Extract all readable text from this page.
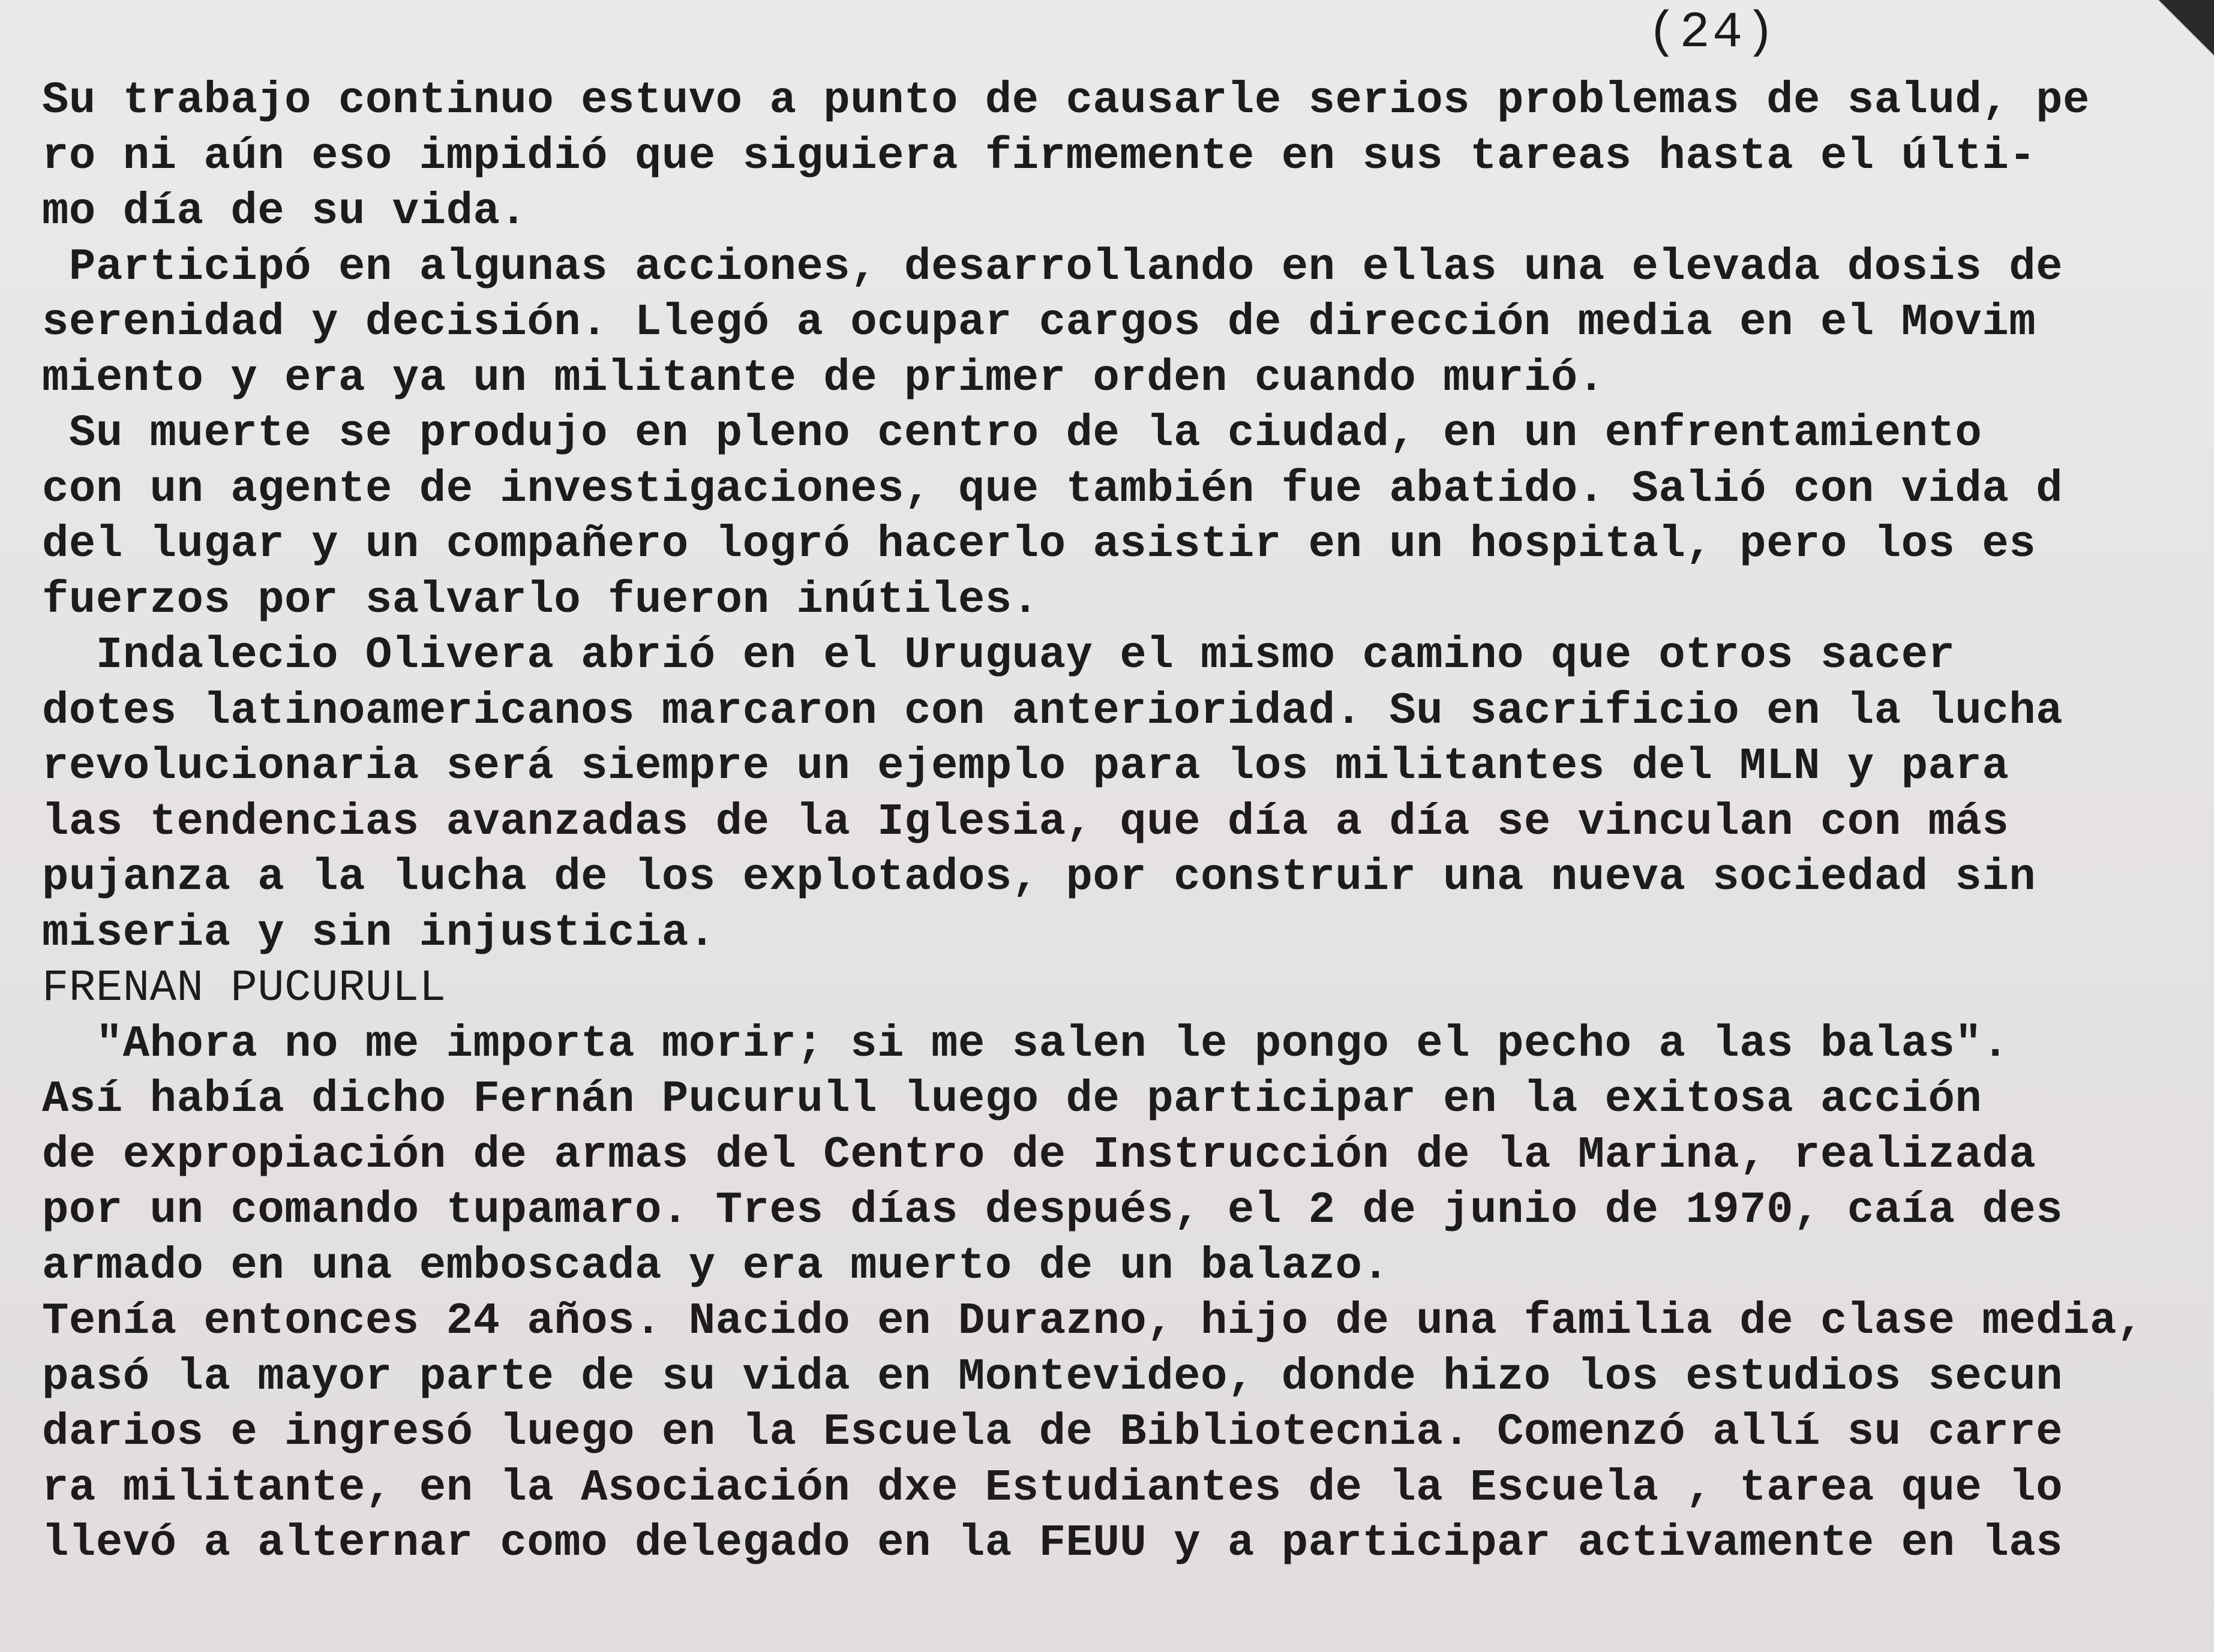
(24)
Su trabajo continuo estuvo a punto de causarle serios problemas de salud, pe
ro ni aún eso impidió que siguiera firmemente en sus tareas hasta el últi-
mo día de su vida.
Participó en algunas acciones, desarrollando en ellas una elevada dosis de
serenidad y decisión. Llegó a ocupar cargos de dirección media en el Movim
miento y era ya un militante de primer orden cuando murió.
Su muerte se produjo en pleno centro de la ciudad, en un enfrentamiento
con un agente de investigaciones, que también fue abatido. Salió con vida d
del lugar y un compañero logró hacerlo asistir en un hospital, pero los es
fuerzos por salvarlo fueron inútiles.
Indalecio Olivera abrió en el Uruguay el mismo camino que otros sacer
dotes latinoamericanos marcaron con anterioridad. Su sacrificio en la lucha
revolucionaria será siempre un ejemplo para los militantes del MLN y para
las tendencias avanzadas de la Iglesia, que día a día se vinculan con más
pujanza a la lucha de los explotados, por construir una nueva sociedad sin
miseria y sin injusticia.
FRENAN PUCURULL
"Ahora no me importa morir; si me salen le pongo el pecho a las balas".
Así había dicho Fernán Pucurull luego de participar en la exitosa acción
de expropiación de armas del Centro de Instrucción de la Marina, realizada
por un comando tupamaro. Tres días después, el 2 de junio de 1970, caía des
armado en una emboscada y era muerto de un balazo.
Tenía entonces 24 años. Nacido en Durazno, hijo de una familia de clase media,
pasó la mayor parte de su vida en Montevideo, donde hizo los estudios secun
darios e ingresó luego en la Escuela de Bibliotecnia. Comenzó allí su carre
ra militante, en la Asociación dxe Estudiantes de la Escuela , tarea que lo
llevó a alternar como delegado en la FEUU y a participar activamente en las
